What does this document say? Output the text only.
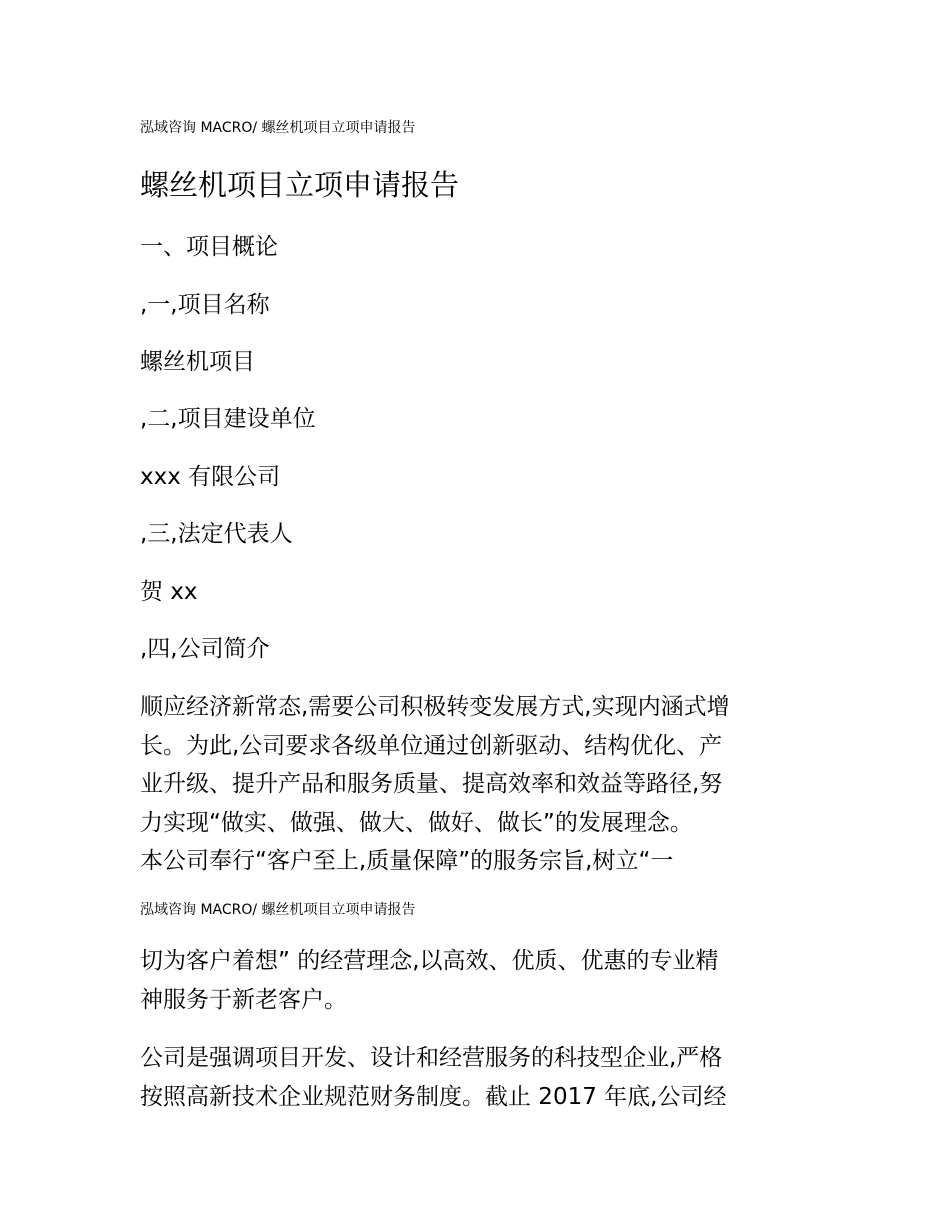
泓域咨询 MACRO/ 螺丝机项目立项申请报告
螺丝机项目立项申请报告
一、项目概论
,一,项目名称
螺丝机项目
,二,项目建设单位
xxx 有限公司
,三,法定代表人
贺 xx
,四,公司简介
顺应经济新常态,需要公司积极转变发展方式,实现内涵式增
长。为此,公司要求各级单位通过创新驱动、结构优化、产
业升级、提升产品和服务质量、提高效率和效益等路径,努
力实现“做实、做强、做大、做好、做长”的发展理念。
本公司奉行“客户至上,质量保障”的服务宗旨,树立“一
泓域咨询 MACRO/ 螺丝机项目立项申请报告
切为客户着想” 的经营理念,以高效、优质、优惠的专业精
神服务于新老客户。
公司是强调项目开发、设计和经营服务的科技型企业,严格
按照高新技术企业规范财务制度。截止 2017 年底,公司经
